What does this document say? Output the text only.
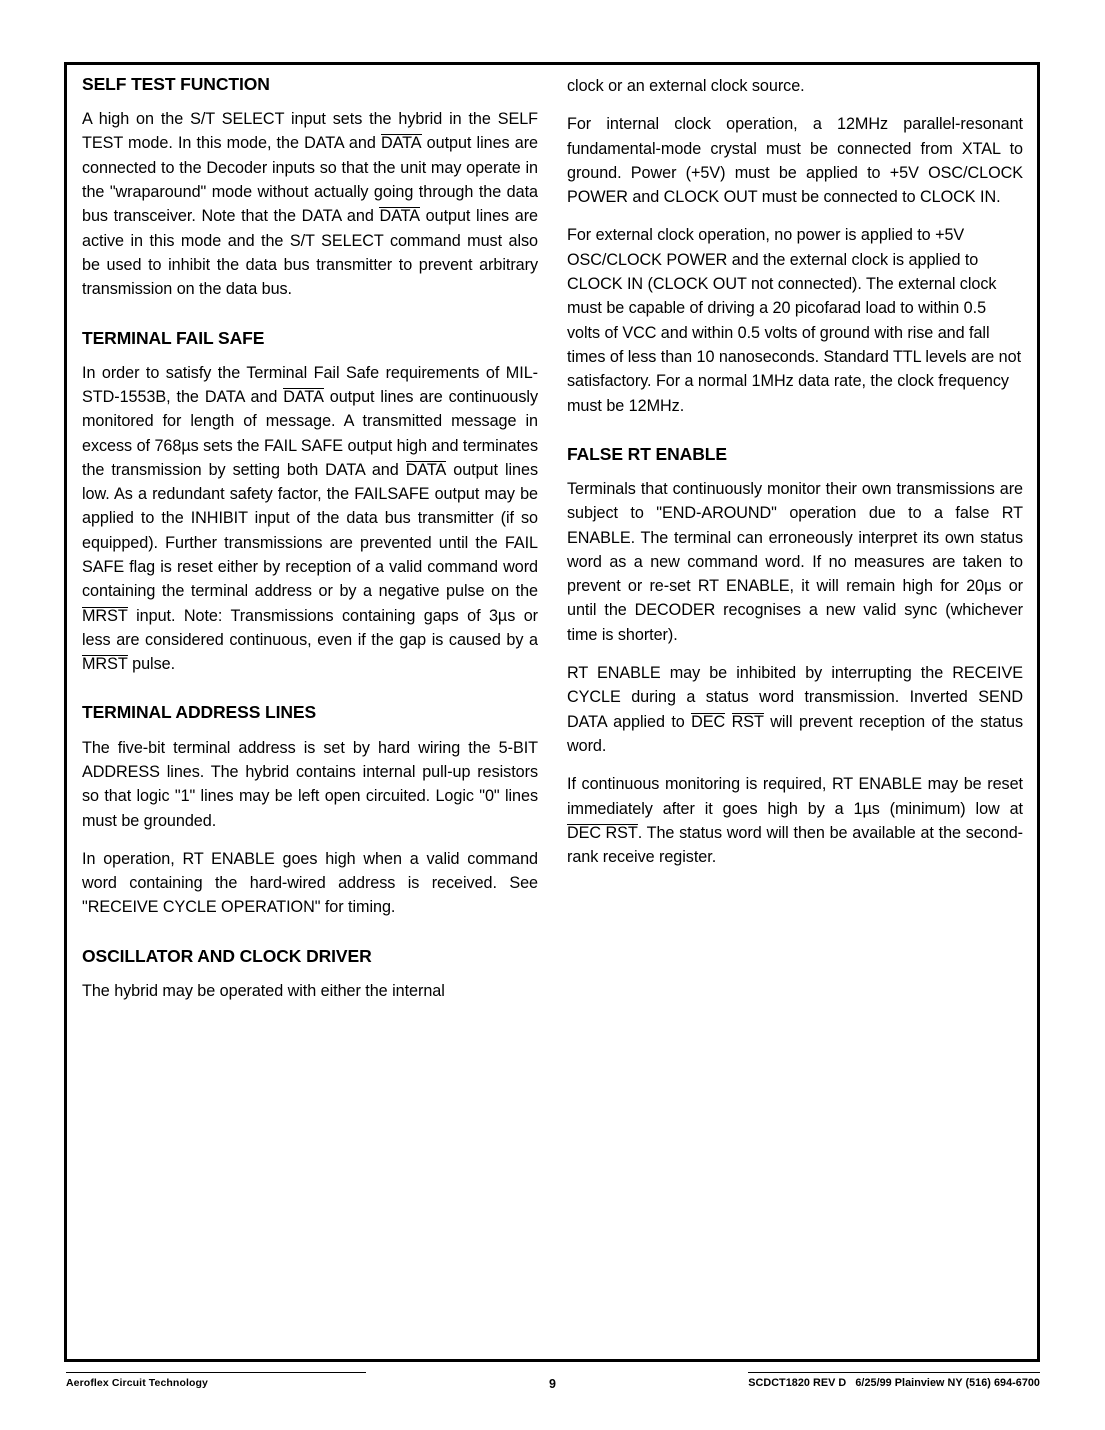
SELF TEST FUNCTION

A high on the S/T SELECT input sets the hybrid in the SELF TEST mode. In this mode, the DATA and DATA output lines are connected to the Decoder inputs so that the unit may operate in the "wraparound" mode without actually going through the data bus transceiver. Note that the DATA and DATA output lines are active in this mode and the S/T SELECT command must also be used to inhibit the data bus transmitter to prevent arbitrary transmission on the data bus.

TERMINAL FAIL SAFE

In order to satisfy the Terminal Fail Safe requirements of MIL-STD-1553B, the DATA and DATA output lines are continuously monitored for length of message. A transmitted message in excess of 768µs sets the FAIL SAFE output high and terminates the transmission by setting both DATA and DATA output lines low. As a redundant safety factor, the FAILSAFE output may be applied to the INHIBIT input of the data bus transmitter (if so equipped). Further transmissions are prevented until the FAIL SAFE flag is reset either by reception of a valid command word containing the terminal address or by a negative pulse on the MRST input. Note: Transmissions containing gaps of 3µs or less are considered continuous, even if the gap is caused by a MRST pulse.

TERMINAL ADDRESS LINES

The five-bit terminal address is set by hard wiring the 5-BIT ADDRESS lines. The hybrid contains internal pull-up resistors so that logic "1" lines may be left open circuited. Logic "0" lines must be grounded.

In operation, RT ENABLE goes high when a valid command word containing the hard-wired address is received. See "RECEIVE CYCLE OPERATION" for timing.

OSCILLATOR AND CLOCK DRIVER

The hybrid may be operated with either the internal

clock or an external clock source.

For internal clock operation, a 12MHz parallel-resonant fundamental-mode crystal must be connected from XTAL to ground. Power (+5V) must be applied to +5V OSC/CLOCK POWER and CLOCK OUT must be connected to CLOCK IN.

For external clock operation, no power is applied to +5V OSC/CLOCK POWER and the external clock is applied to CLOCK IN (CLOCK OUT not connected). The external clock must be capable of driving a 20 picofarad load to within 0.5 volts of VCC and within 0.5 volts of ground with rise and fall times of less than 10 nanoseconds. Standard TTL levels are not satisfactory. For a normal 1MHz data rate, the clock frequency must be 12MHz.

FALSE RT ENABLE

Terminals that continuously monitor their own transmissions are subject to "END-AROUND" operation due to a false RT ENABLE. The terminal can erroneously interpret its own status word as a new command word. If no measures are taken to prevent or re-set RT ENABLE, it will remain high for 20µs or until the DECODER recognises a new valid sync (whichever time is shorter).

RT ENABLE may be inhibited by interrupting the RECEIVE CYCLE during a status word transmission. Inverted SEND DATA applied to DEC RST will prevent reception of the status word.

If continuous monitoring is required, RT ENABLE may be reset immediately after it goes high by a 1µs (minimum) low at DEC RST. The status word will then be available at the second-rank receive register.

Aeroflex Circuit Technology	9	SCDCT1820 REV D   6/25/99 Plainview NY (516) 694-6700
